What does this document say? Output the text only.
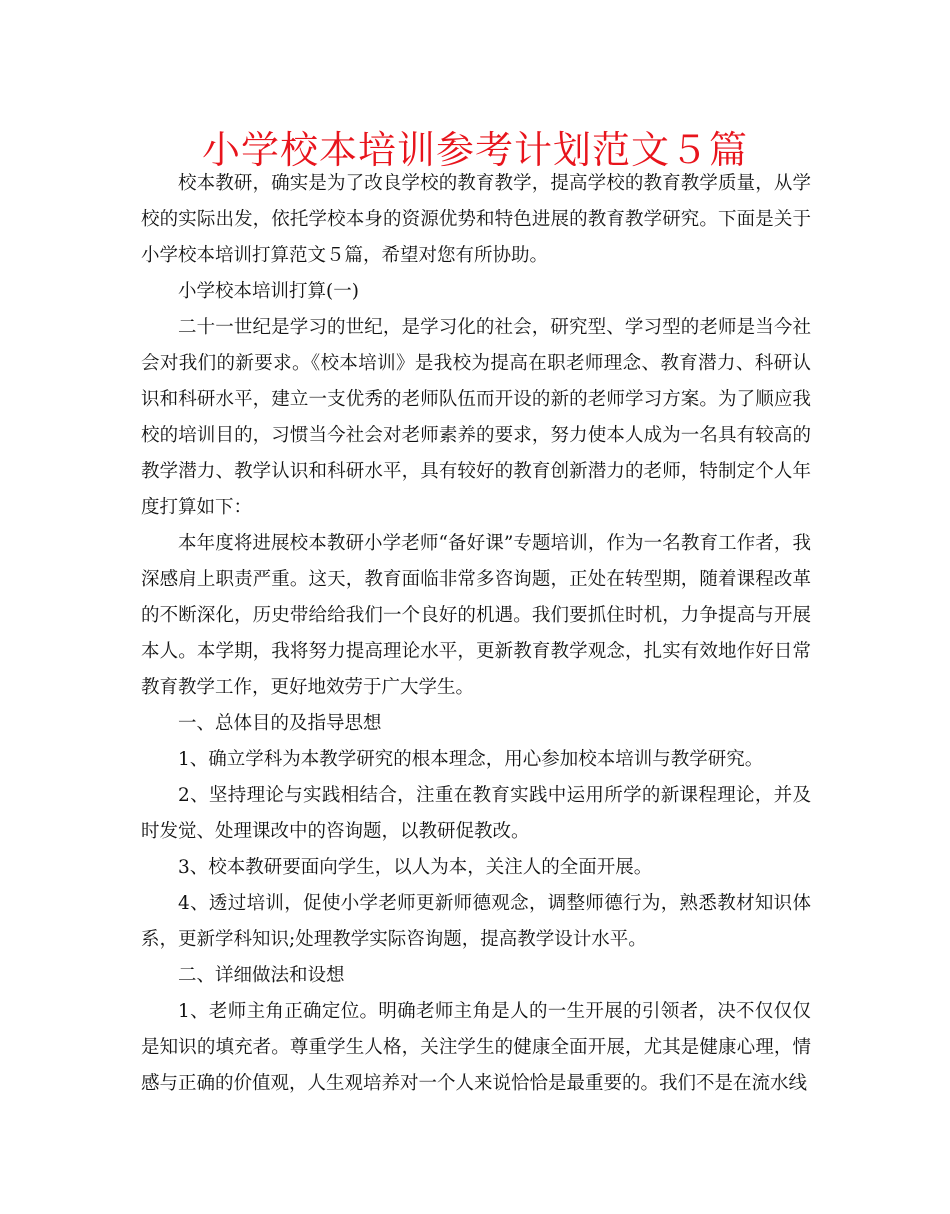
小学校本培训参考计划范文５篇

校本教研，确实是为了改良学校的教育教学，提高学校的教育教学质量，从学校的实际出发，依托学校本身的资源优势和特色进展的教育教学研究。下面是关于小学校本培训打算范文５篇，希望对您有所协助。

小学校本培训打算(一)

二十一世纪是学习的世纪，是学习化的社会，研究型、学习型的老师是当今社会对我们的新要求。《校本培训》是我校为提高在职老师理念、教育潜力、科研认识和科研水平，建立一支优秀的老师队伍而开设的新的老师学习方案。为了顺应我校的培训目的，习惯当今社会对老师素养的要求，努力使本人成为一名具有较高的教学潜力、教学认识和科研水平，具有较好的教育创新潜力的老师，特制定个人年度打算如下：

本年度将进展校本教研小学老师“备好课”专题培训，作为一名教育工作者，我深感肩上职责严重。这天，教育面临非常多咨询题，正处在转型期，随着课程改革的不断深化，历史带给给我们一个良好的机遇。我们要抓住时机，力争提高与开展本人。本学期，我将努力提高理论水平，更新教育教学观念，扎实有效地作好日常教育教学工作，更好地效劳于广大学生。

一、总体目的及指导思想

1、确立学科为本教学研究的根本理念，用心参加校本培训与教学研究。

2、坚持理论与实践相结合，注重在教育实践中运用所学的新课程理论，并及时发觉、处理课改中的咨询题，以教研促教改。

3、校本教研要面向学生，以人为本，关注人的全面开展。

4、透过培训，促使小学老师更新师德观念，调整师德行为，熟悉教材知识体系，更新学科知识;处理教学实际咨询题，提高教学设计水平。

二、详细做法和设想

1、老师主角正确定位。明确老师主角是人的一生开展的引领者，决不仅仅仅是知识的填充者。尊重学生人格，关注学生的健康全面开展，尤其是健康心理，情感与正确的价值观，人生观培养对一个人来说恰恰是最重要的。我们不是在流水线
